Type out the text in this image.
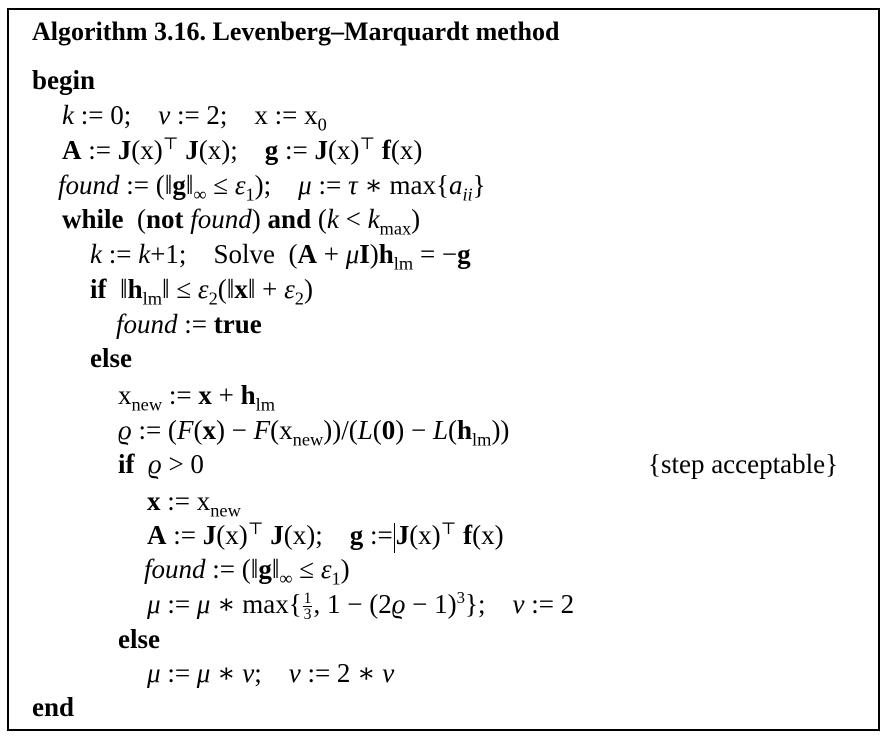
Algorithm 3.16. Levenberg–Marquardt method
begin
k := 0;    ν := 2;    x := $x_0$
A := J(x)⊤ J(x);    g := J(x)⊤ f(x)
found := $(‖g‖_\infty \le \varepsilon_1)$;    μ := τ ∗ $\max\{a_{ii}\}$
while  (not found) and $(k < k_{max})$
k := k+1;    Solve  $(A + \mu I)h_{lm} = -g$
if  $‖h_{lm}‖$ ≤ $\varepsilon_2(‖x‖ + \varepsilon_2)$
found := true
else
$x_{new}$ := $x + h_{lm}$
ϱ := $(F(x) - F(x_{new}))/(L(0) - L(h_{lm}))$
if ϱ > 0	{step acceptable}
x := $x_{new}$
A := J(x)⊤ J(x);    g := J(x)⊤ f(x)
found := $(‖g‖_\infty \le \varepsilon_1)$
μ := μ ∗ $\max\{ \frac{1}{3}$ , $1 - (2ϱ - 1)^3$};    ν := 2
else
μ := μ ∗ ν;    ν := 2 ∗ ν
end
